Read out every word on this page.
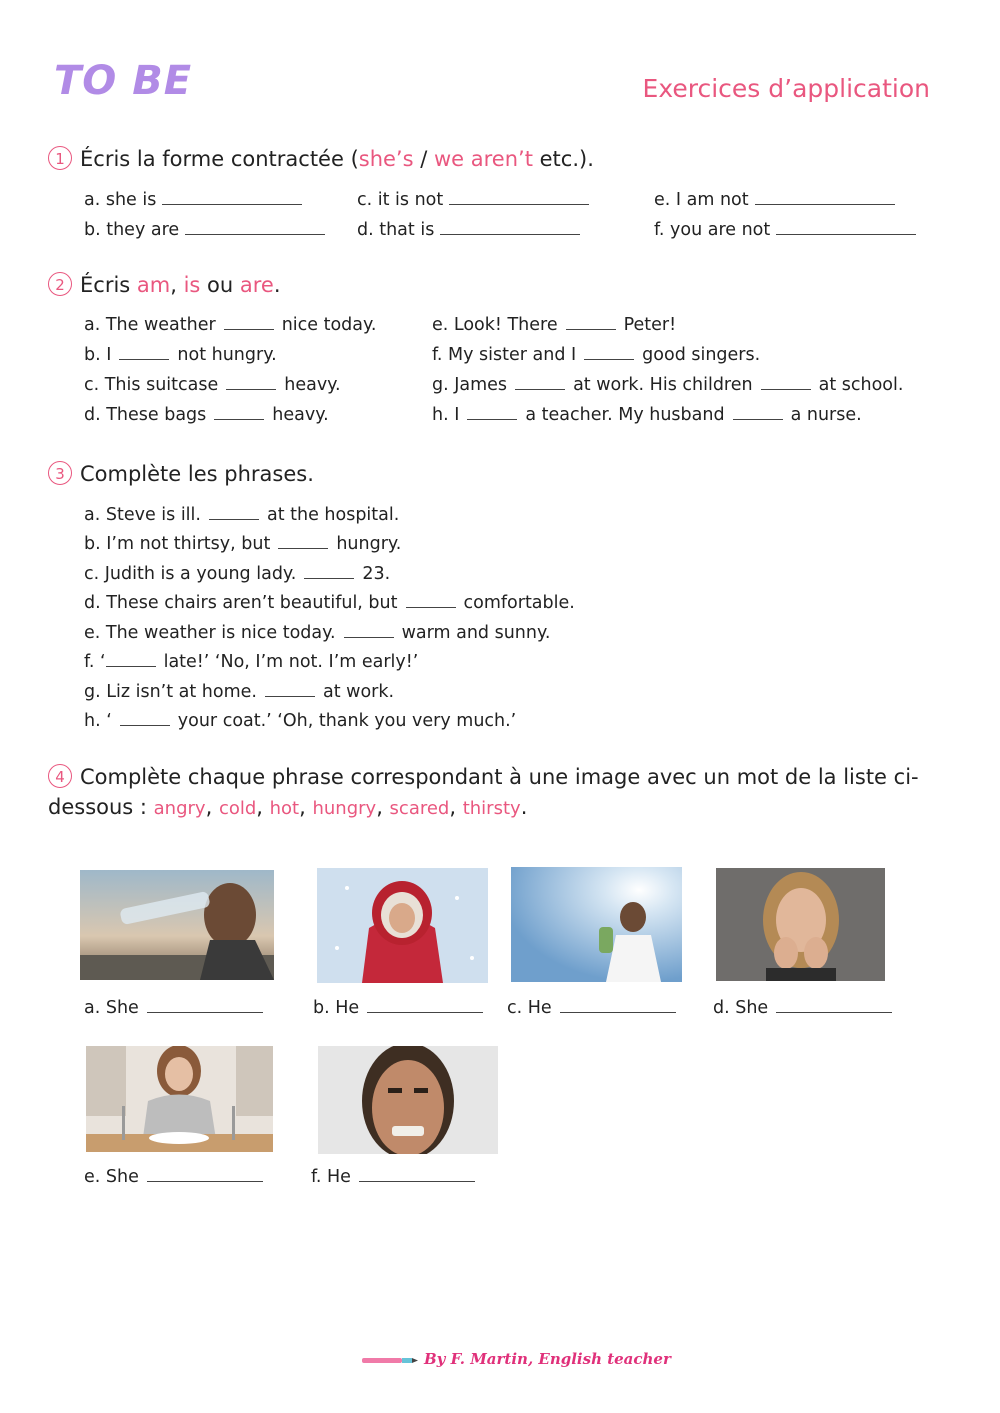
TO BE	Exercices d’application
1 Écris la forme contractée (she’s / we aren’t etc.).
a. she is
b. they are
c. it is not
d. that is
e. I am not
f. you are not
2 Écris am, is ou are.
a. The weather	nice today.
b. I	not hungry.
c. This suitcase	heavy.
d. These bags	heavy.
e. Look! There	Peter!
f. My sister and I	good singers.
g. James	at work. His children	at school.
h. I	a teacher. My husband	a nurse.
3 Complète les phrases.
a. Steve is ill.	at the hospital.
b. I’m not thirtsy, but	hungry.
c. Judith is a young lady.	23.
d. These chairs aren’t beautiful, but	comfortable.
e. The weather is nice today.	warm and sunny.
f. ‘	late!’ ‘No, I’m not. I’m early!’
g. Liz isn’t at home.	at work.
h. ‘	your coat.’ ‘Oh, thank you very much.’
4 Complète chaque phrase correspondant à une image avec un mot de la liste ci-
dessous : angry, cold, hot, hungry, scared, thirsty.
a. She	b. He	c. He	d. She
e. She	f. He
By F. Martin, English teacher
